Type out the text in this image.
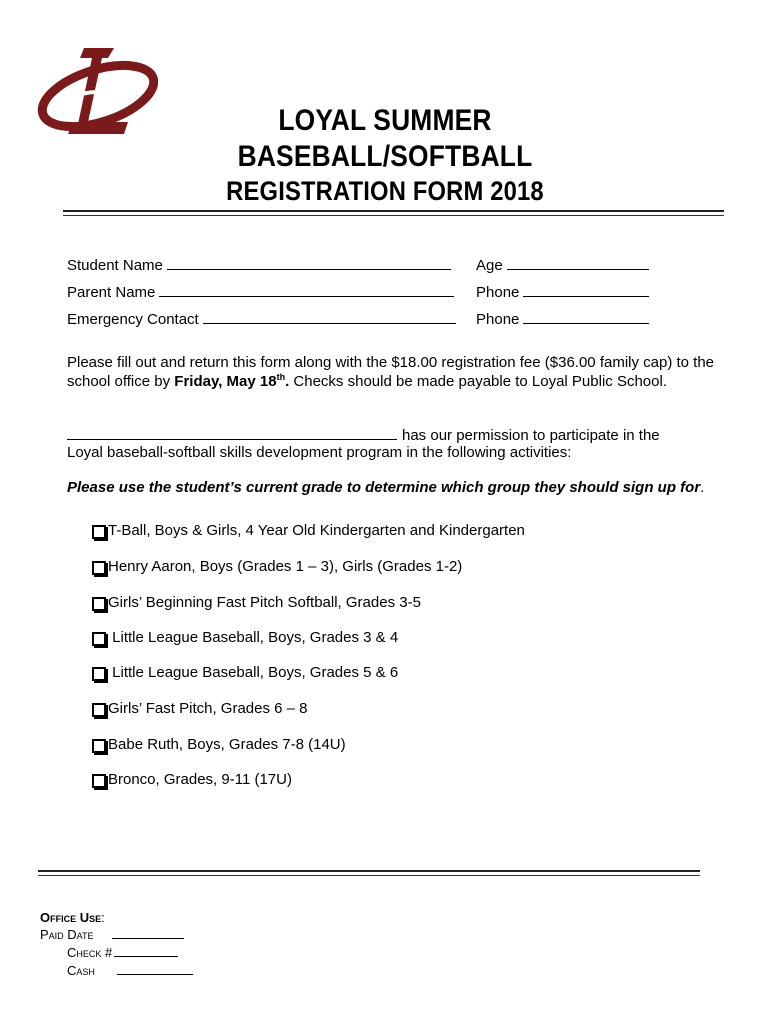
LOYAL SUMMER
BASEBALL/SOFTBALL
REGISTRATION FORM 2018
Student Name	Age
Parent Name	Phone
Emergency Contact	Phone
Please fill out and return this form along with the $18.00 registration fee ($36.00 family cap) to the school office by Friday, May 18th. Checks should be made payable to Loyal Public School.
has our permission to participate in the
Loyal baseball-softball skills development program in the following activities:
Please use the student’s current grade to determine which group they should sign up for.
T-Ball, Boys & Girls, 4 Year Old Kindergarten and Kindergarten
Henry Aaron, Boys (Grades 1 – 3), Girls (Grades 1-2)
Girls’ Beginning Fast Pitch Softball, Grades 3-5
Little League Baseball, Boys, Grades 3 & 4
Little League Baseball, Boys, Grades 5 & 6
Girls’ Fast Pitch, Grades 6 – 8
Babe Ruth, Boys, Grades 7-8 (14U)
Bronco, Grades, 9-11 (17U)
Office Use:
Paid Date
Check #
Cash
